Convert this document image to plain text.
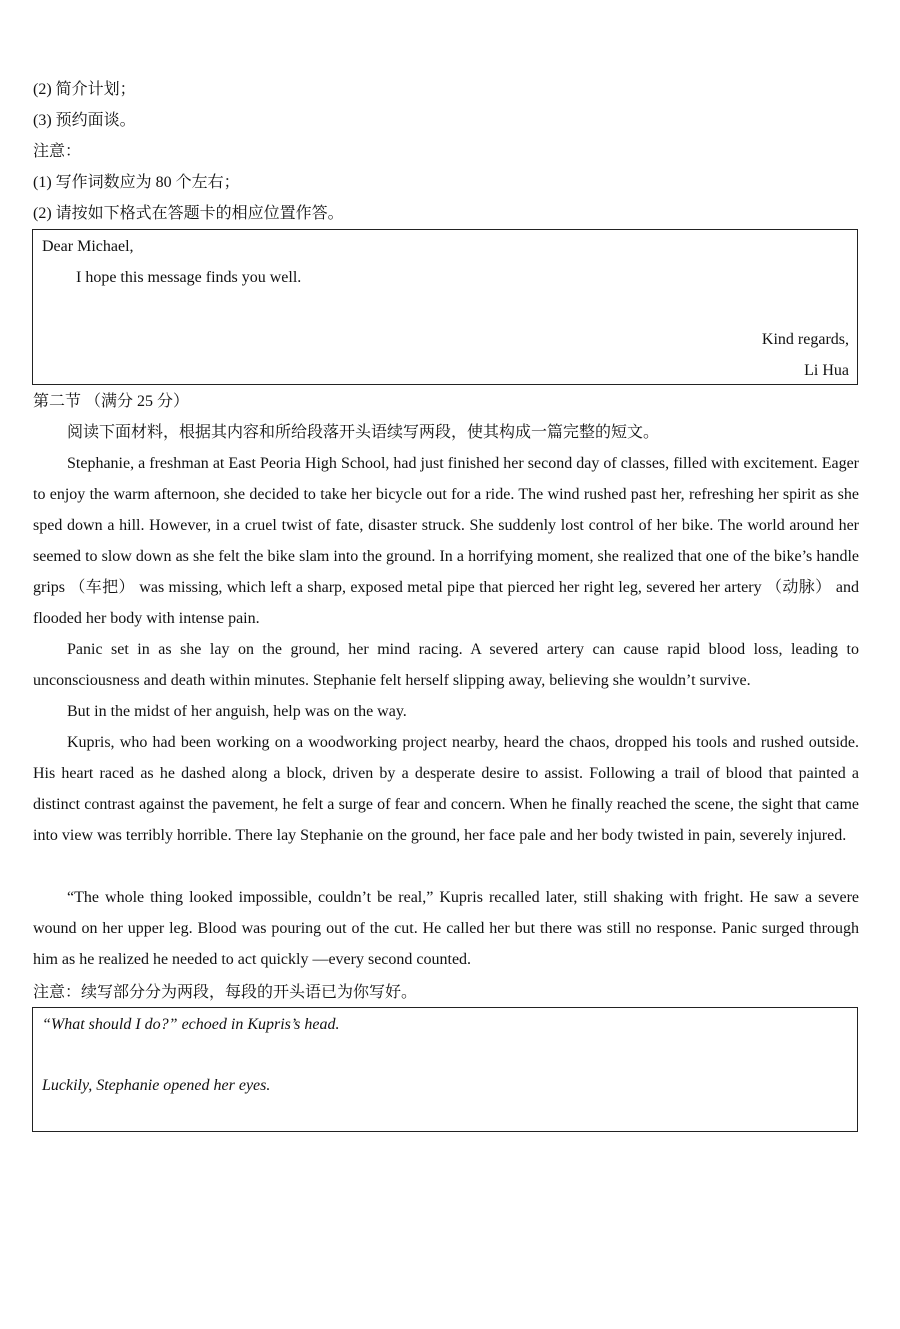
(2) 简介计划；
(3) 预约面谈。
注意：
(1) 写作词数应为 80 个左右；
(2) 请按如下格式在答题卡的相应位置作答。
Dear Michael,
I hope this message finds you well.
Kind regards,
Li Hua
第二节 （满分 25 分）
阅读下面材料，根据其内容和所给段落开头语续写两段，使其构成一篇完整的短文。
Stephanie, a freshman at East Peoria High School, had just finished her second day of classes, filled with excitement. Eager to enjoy the warm afternoon, she decided to take her bicycle out for a ride. The wind rushed past her, refreshing her spirit as she sped down a hill. However, in a cruel twist of fate, disaster struck. She suddenly lost control of her bike. The world around her seemed to slow down as she felt the bike slam into the ground. In a horrifying moment, she realized that one of the bike’s handle grips （车把） was missing, which left a sharp, exposed metal pipe that pierced her right leg, severed her artery （动脉） and flooded her body with intense pain.
Panic set in as she lay on the ground, her mind racing. A severed artery can cause rapid blood loss, leading to unconsciousness and death within minutes. Stephanie felt herself slipping away, believing she wouldn’t survive.
But in the midst of her anguish, help was on the way.
Kupris, who had been working on a woodworking project nearby, heard the chaos, dropped his tools and rushed outside. His heart raced as he dashed along a block, driven by a desperate desire to assist. Following a trail of blood that painted a distinct contrast against the pavement, he felt a surge of fear and concern. When he finally reached the scene, the sight that came into view was terribly horrible. There lay Stephanie on the ground, her face pale and her body twisted in pain, severely injured.
“The whole thing looked impossible, couldn’t be real,” Kupris recalled later, still shaking with fright. He saw a severe wound on her upper leg. Blood was pouring out of the cut. He called her but there was still no response. Panic surged through him as he realized he needed to act quickly —every second counted.
注意：续写部分分为两段，每段的开头语已为你写好。
“What should I do?” echoed in Kupris’s head.
Luckily, Stephanie opened her eyes.
